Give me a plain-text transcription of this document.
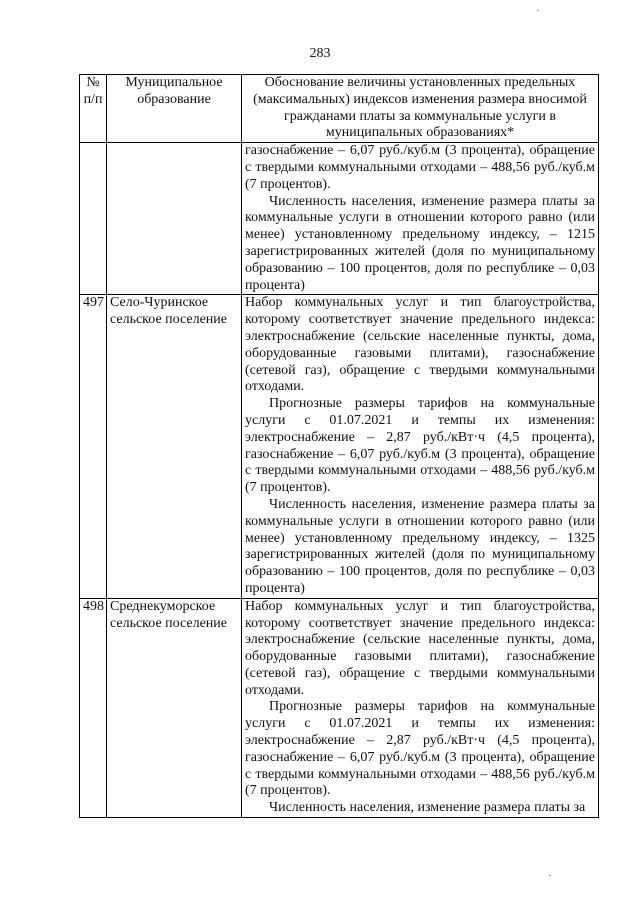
283
№ п/п	Муниципальное образование	Обоснование величины установленных предельных (максимальных) индексов изменения размера вносимой гражданами платы за коммунальные услуги в муниципальных образованиях*

		газоснабжение – 6,07 руб./куб.м (3 процента), обращение с твердыми коммунальными отходами – 488,56 руб./куб.м (7 процентов).

Численность населения, изменение размера платы за коммунальные услуги в отношении которого равно (или менее) установленному предельному индексу, – 1215 зарегистрированных жителей (доля по муниципальному образованию – 100 процентов, доля по республике – 0,03 процента)

497	Село-Чуринское сельское поселение	Набор коммунальных услуг и тип благоустройства, которому соответствует значение предельного индекса: электроснабжение (сельские населенные пункты, дома, оборудованные газовыми плитами), газоснабжение (сетевой газ), обращение с твердыми коммунальными отходами.

Прогнозные размеры тарифов на коммунальные услуги с 01.07.2021 и темпы их изменения: электроснабжение – 2,87 руб./кВт·ч (4,5 процента), газоснабжение – 6,07 руб./куб.м (3 процента), обращение с твердыми коммунальными отходами – 488,56 руб./куб.м (7 процентов).

Численность населения, изменение размера платы за коммунальные услуги в отношении которого равно (или менее) установленному предельному индексу, – 1325 зарегистрированных жителей (доля по муниципальному образованию – 100 процентов, доля по республике – 0,03 процента)

498	Среднекуморское сельское поселение	Набор коммунальных услуг и тип благоустройства, которому соответствует значение предельного индекса: электроснабжение (сельские населенные пункты, дома, оборудованные газовыми плитами), газоснабжение (сетевой газ), обращение с твердыми коммунальными отходами.

Прогнозные размеры тарифов на коммунальные услуги с 01.07.2021 и темпы их изменения: электроснабжение – 2,87 руб./кВт·ч (4,5 процента), газоснабжение – 6,07 руб./куб.м (3 процента), обращение с твердыми коммунальными отходами – 488,56 руб./куб.м (7 процентов).

Численность населения, изменение размера платы за

·
·
